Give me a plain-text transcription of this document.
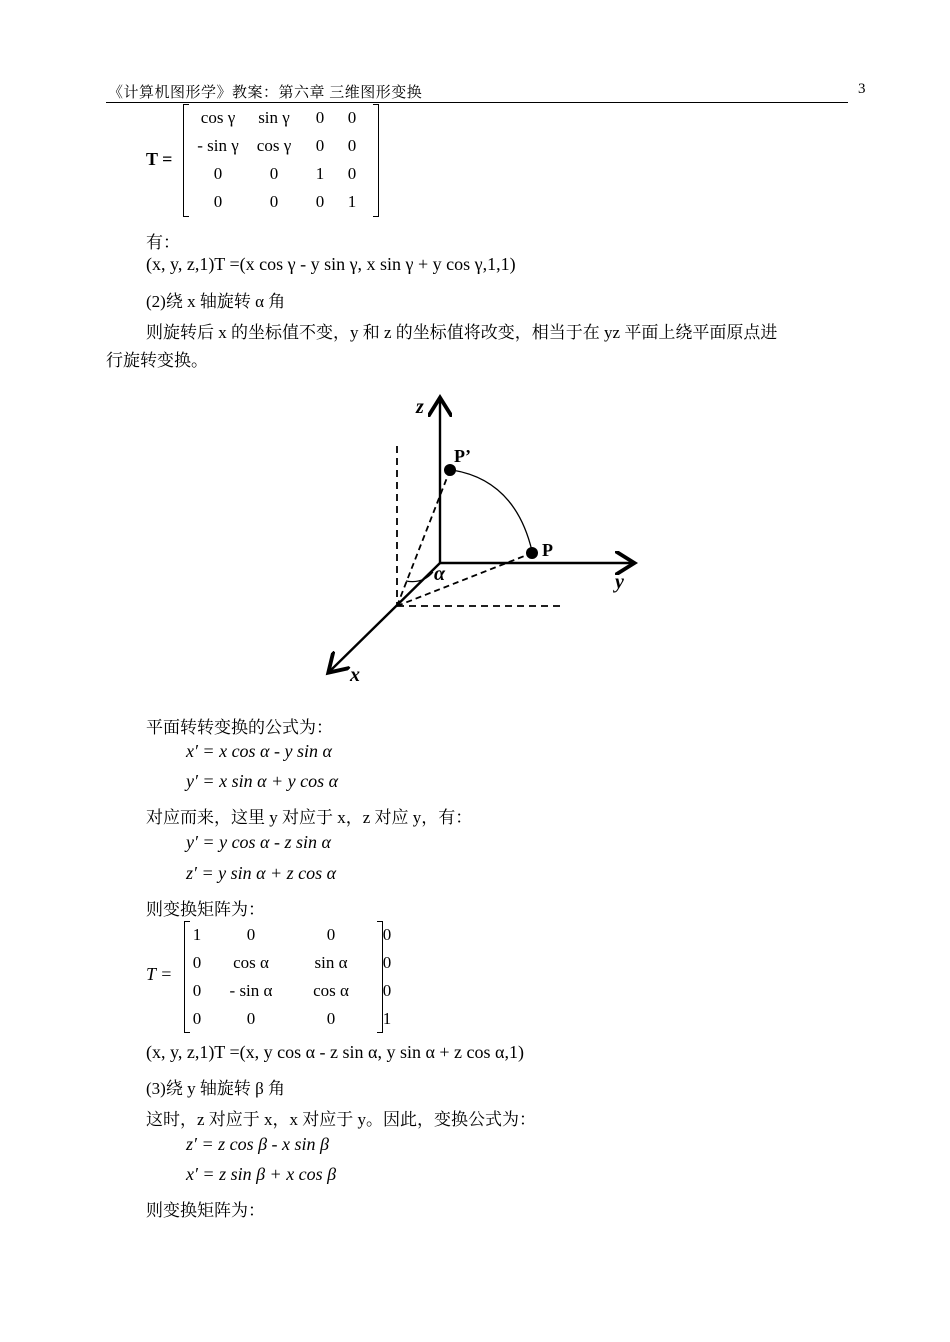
《计算机图形学》教案：第六章 三维图形变换	3
T =
cos γ	sin γ	0	0
- sin γ	cos γ	0	0
0	0	1	0
0	0	0	1
有：
(x, y, z,1)T =(x cos γ - y sin γ, x sin γ + y cos γ,1,1)
(2)绕 x 轴旋转 α 角
则旋转后 x 的坐标值不变，y 和 z 的坐标值将改变，相当于在 yz 平面上绕平面原点进
行旋转变换。
z
y
x
P
P’
α
平面转转变换的公式为：
x′ = x cos α - y sin α
y′ = x sin α + y cos α
对应而来，这里 y 对应于 x，z 对应 y，有：
y′ = y cos α - z sin α
z′ = y sin α + z cos α
则变换矩阵为：
T =
1	0	0	0
0	cos α	sin α	0
0	- sin α	cos α	0
0	0	0	1
(x, y, z,1)T =(x, y cos α - z sin α, y sin α + z cos α,1)
(3)绕 y 轴旋转 β 角
这时，z 对应于 x，x 对应于 y。因此，变换公式为：
z′ = z cos β - x sin β
x′ = z sin β + x cos β
则变换矩阵为：
